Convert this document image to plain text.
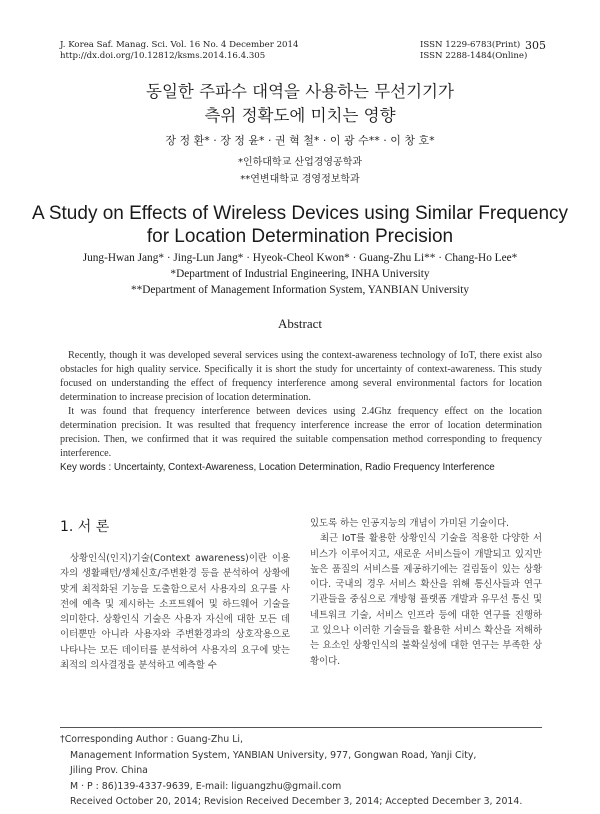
J. Korea Saf. Manag. Sci. Vol. 16 No. 4 December 2014
http://dx.doi.org/10.12812/ksms.2014.16.4.305
ISSN 1229-6783(Print)
ISSN 2288-1484(Online)
305
동일한 주파수 대역을 사용하는 무선기기가
측위 정확도에 미치는 영향
장 정 환* · 장 정 윤* · 권 혁 철* · 이 광 수** · 이 창 호*
*인하대학교 산업경영공학과
**연변대학교 경영정보학과
A Study on Effects of Wireless Devices using Similar Frequency
for Location Determination Precision
Jung-Hwan Jang* · Jing-Lun Jang* · Hyeok-Cheol Kwon* · Guang-Zhu Li** · Chang-Ho Lee*
*Department of Industrial Engineering, INHA University
**Department of Management Information System, YANBIAN University
Abstract

Recently, though it was developed several services using the context-awareness technology of IoT, there exist also obstacles for high quality service. Specifically it is short the study for uncertainty of context-awareness. This study focused on understanding the effect of frequency interference among several environmental factors for location determination to increase precision of location determination.

It was found that frequency interference between devices using 2.4Ghz frequency effect on the location determination precision. It was resulted that frequency interference increase the error of location determination precision. Then, we confirmed that it was required the suitable compensation method corresponding to frequency interference.

Key words : Uncertainty, Context-Awareness, Location Determination, Radio Frequency Interference
1. 서 론
상황인식(인지)기술(Context awareness)이란 이용자의 생활패턴/생체신호/주변환경 등을 분석하여 상황에 맞게 최적화된 기능을 도출함으로서 사용자의 요구를 사전에 예측 및 제시하는 소프트웨어 및 하드웨어 기술을 의미한다. 상황인식 기술은 사용자 자신에 대한 모든 데이터뿐만 아니라 사용자와 주변환경과의 상호작용으로 나타나는 모든 데이터를 분석하여 사용자의 요구에 맞는 최적의 의사결정을 분석하고 예측할 수
있도록 하는 인공지능의 개념이 가미된 기술이다.
최근 IoT를 활용한 상황인식 기술을 적용한 다양한 서비스가 이루어지고, 새로운 서비스들이 개발되고 있지만 높은 품질의 서비스를 제공하기에는 걸림돌이 있는 상황이다. 국내의 경우 서비스 확산을 위해 통신사들과 연구기관들을 중심으로 개방형 플랫폼 개발과 유무선 통신 및 네트워크 기술, 서비스 인프라 등에 대한 연구를 진행하고 있으나 이러한 기술들을 활용한 서비스 확산을 저해하는 요소인 상황인식의 불확실성에 대한 연구는 부족한 상황이다.
†Corresponding Author : Guang-Zhu Li,
Management Information System, YANBIAN University, 977, Gongwan Road, Yanji City,
Jiling Prov. China
M · P : 86)139-4337-9639, E-mail: liguangzhu@gmail.com
Received October 20, 2014; Revision Received December 3, 2014; Accepted December 3, 2014.
